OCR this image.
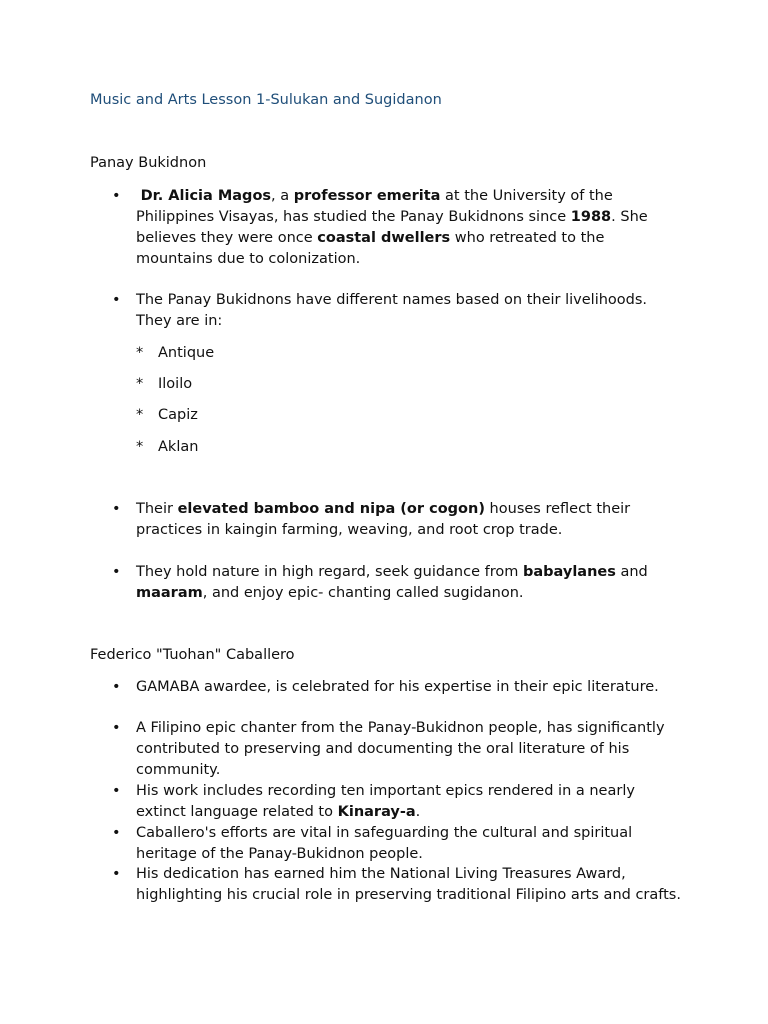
Music and Arts Lesson 1-Sulukan and Sugidanon
Panay Bukidnon
•	Dr. Alicia Magos, a professor emerita at the University of the Philippines Visayas, has studied the Panay Bukidnons since 1988. She believes they were once coastal dwellers who retreated to the mountains due to colonization.
• The Panay Bukidnons have different names based on their livelihoods. They are in:
* Antique
* Iloilo
* Capiz
* Aklan
• Their elevated bamboo and nipa (or cogon) houses reflect their practices in kaingin farming, weaving, and root crop trade.
• They hold nature in high regard, seek guidance from babaylanes and maaram, and enjoy epic- chanting called sugidanon.
Federico "Tuohan" Caballero
• GAMABA awardee, is celebrated for his expertise in their epic literature.
• A Filipino epic chanter from the Panay-Bukidnon people, has significantly contributed to preserving and documenting the oral literature of his community.
• His work includes recording ten important epics rendered in a nearly extinct language related to Kinaray-a.
• Caballero's efforts are vital in safeguarding the cultural and spiritual heritage of the Panay-Bukidnon people.
• His dedication has earned him the National Living Treasures Award, highlighting his crucial role in preserving traditional Filipino arts and crafts.
